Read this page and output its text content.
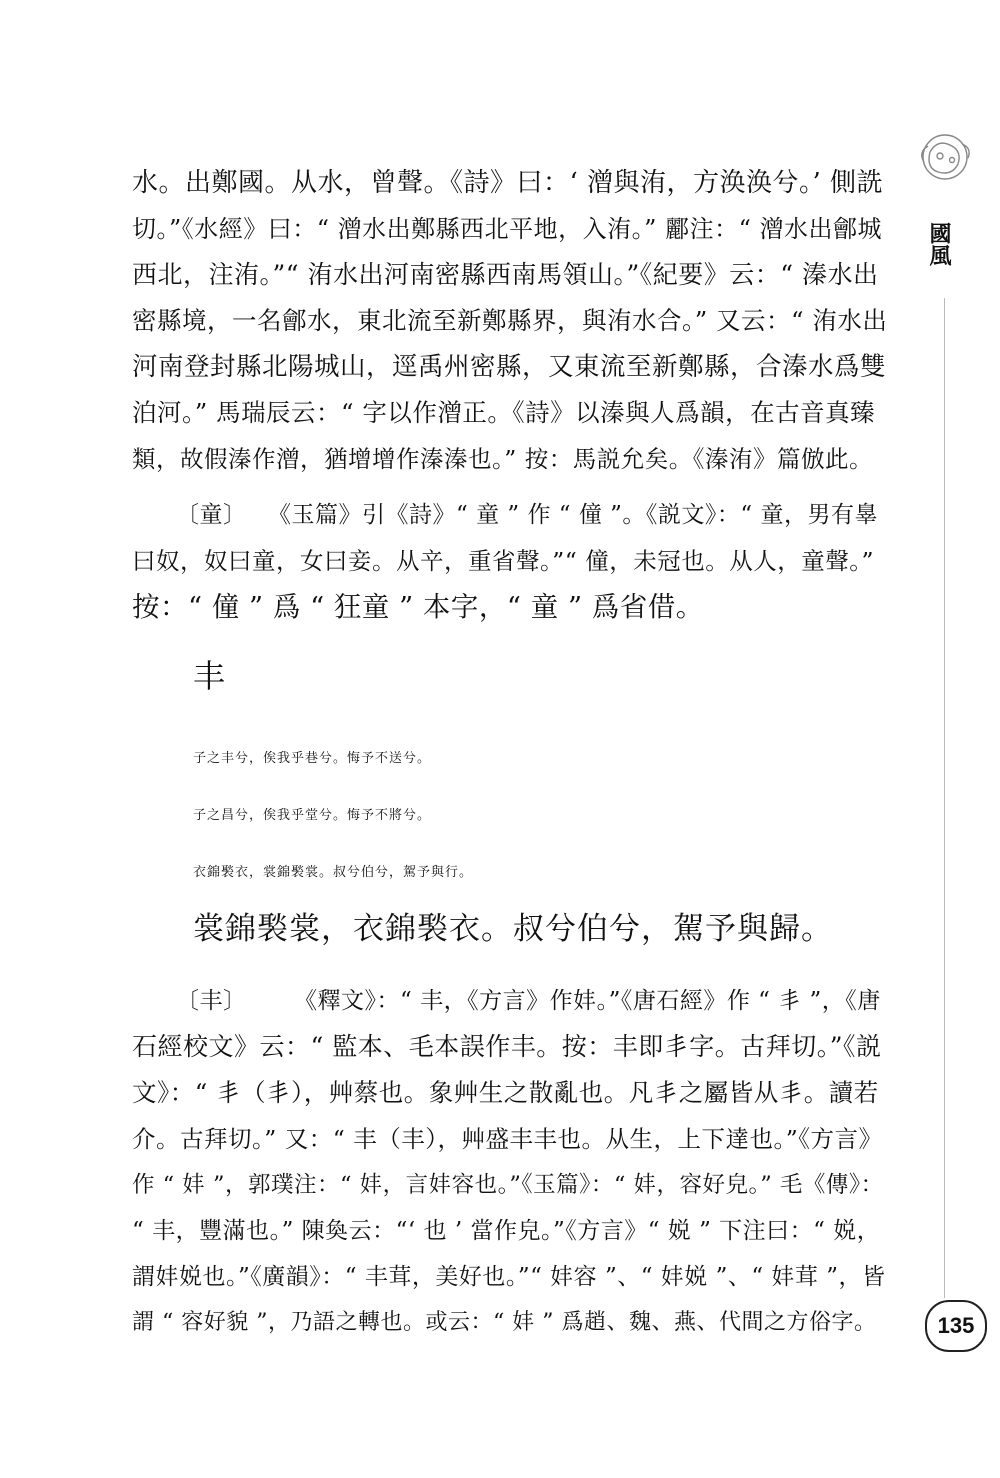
國風
水。出鄭國。从水，曾聲。《詩》曰：‘ 潧與洧，方涣涣兮。’ 側詵
切。”《水經》曰：“ 潧水出鄭縣西北平地，入洧。” 酈注：“ 潧水出鄶城
西北，注洧。”“ 洧水出河南密縣西南馬領山。”《紀要》云：“ 溱水出
密縣境，一名鄶水，東北流至新鄭縣界，與洧水合。” 又云：“ 洧水出
河南登封縣北陽城山，逕禹州密縣，又東流至新鄭縣，合溱水爲雙
泊河。” 馬瑞辰云：“ 字以作潧正。《詩》以溱與人爲韻，在古音真臻
類，故假溱作潧，猶增增作溱溱也。” 按：馬説允矣。《溱洧》篇倣此。
〔童〕 《玉篇》引《詩》“ 童 ” 作 “ 僮 ”。《説文》：“ 童，男有辠
曰奴，奴曰童，女曰妾。从䇂，重省聲。”“ 僮，未冠也。从人，童聲。”
按：“ 僮 ” 爲 “ 狂童 ” 本字，“ 童 ” 爲省借。
丰
子之丰兮，俟我乎巷兮。悔予不送兮。
子之昌兮，俟我乎堂兮。悔予不將兮。
衣錦褧衣，裳錦褧裳。叔兮伯兮，駕予與行。
裳錦褧裳，衣錦褧衣。叔兮伯兮，駕予與歸。
〔丰〕 《釋文》：“ 丰，《方言》作妦。”《唐石經》作 “ 丯 ”，《唐
石經校文》云：“ 監本、毛本誤作丰。按：丰即丯字。古拜切。”《説
文》：“ 丯（丯），艸蔡也。象艸生之散亂也。凡丯之屬皆从丯。讀若
介。古拜切。” 又：“ 丰（丰），艸盛丰丰也。从生，上下達也。”《方言》
作 “ 妦 ”，郭璞注：“ 妦，言妦容也。”《玉篇》：“ 妦，容好皃。” 毛《傳》：
“ 丰，豐滿也。” 陳奐云：“‘ 也 ’ 當作皃。”《方言》“ 娧 ” 下注曰：“ 娧，
謂妦娧也。”《廣韻》：“ 丰茸，美好也。”“ 妦容 ”、“ 妦娧 ”、“ 妦茸 ”，皆
謂 “ 容好貌 ”，乃語之轉也。或云：“ 妦 ” 爲趙、魏、燕、代間之方俗字。	135
